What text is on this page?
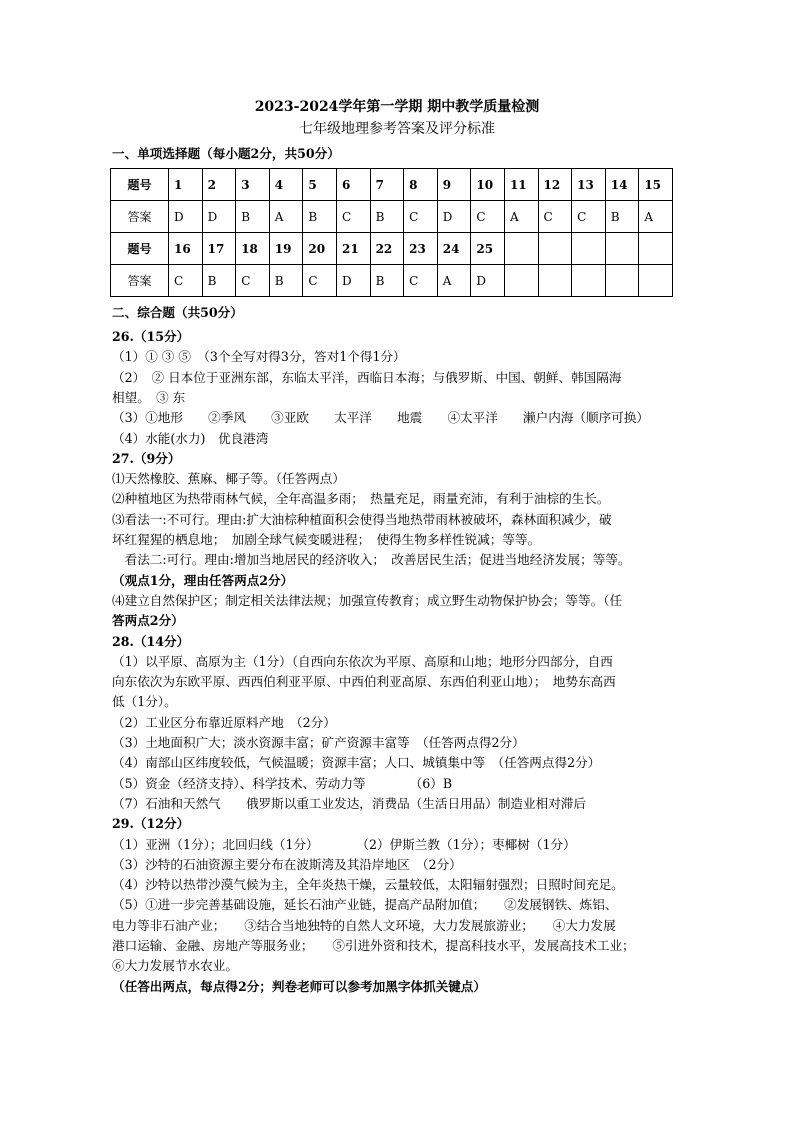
2023-2024学年第一学期 期中教学质量检测
七年级地理参考答案及评分标准
一、单项选择题（每小题2分，共50分）
题号	1	2	3	4	5	6	7	8	9	10	11	12	13	14	15
答案	D	D	B	A	B	C	B	C	D	C	A	C	C	B	A
题号	16	17	18	19	20	21	22	23	24	25					
答案	C	B	C	B	C	D	B	C	A	D					
二、综合题（共50分）
26.（15分）
（1）① ③ ⑤　（3个全写对得3分，答对1个得1分）
（2）　② 日本位于亚洲东部，东临太平洋，西临日本海；与俄罗斯、中国、朝鲜、韩国隔海
相望。　③ 东
（3）①地形　　②季风　　③亚欧　　太平洋　　地震　　④太平洋　　濑户内海（顺序可换）
（4）水能(水力)　优良港湾
27.（9分）
⑴天然橡胶、蕉麻、椰子等。（任答两点）
⑵种植地区为热带雨林气候，全年高温多雨；　热量充足，雨量充沛，有利于油棕的生长。
⑶看法一:不可行。理由:扩大油棕种植面积会使得当地热带雨林被破坏，森林面积减少，破
坏红猩猩的栖息地；　加剧全球气候变暖进程；　使得生物多样性锐减；等等。
　看法二:可行。理由:增加当地居民的经济收入；　改善居民生活；促进当地经济发展；等等。
（观点1分，理由任答两点2分）
⑷建立自然保护区；制定相关法律法规；加强宣传教育；成立野生动物保护协会；等等。（任
答两点2分）
28.（14分）
（1）以平原、高原为主（1分）（自西向东依次为平原、高原和山地；地形分四部分，自西
向东依次为东欧平原、西西伯利亚平原、中西伯利亚高原、东西伯利亚山地）；　地势东高西
低（1分）。
（2）工业区分布靠近原料产地　（2分）
（3）土地面积广大；淡水资源丰富；矿产资源丰富等　（任答两点得2分）
（4）南部山区纬度较低，气候温暖；资源丰富；人口、城镇集中等　（任答两点得2分）
（5）资金（经济支持）、科学技术、劳动力等　　　　（6）B
（7）石油和天然气　　俄罗斯以重工业发达，消费品（生活日用品）制造业相对滞后
29.（12分）
（1）亚洲（1分）；北回归线（1分）　　　　（2）伊斯兰教（1分）；枣椰树（1分）
（3）沙特的石油资源主要分布在波斯湾及其沿岸地区　（2分）
（4）沙特以热带沙漠气候为主，全年炎热干燥，云量较低，太阳辐射强烈；日照时间充足。
（5）①进一步完善基础设施，延长石油产业链，提高产品附加值；　　②发展钢铁、炼铝、
电力等非石油产业；　　③结合当地独特的自然人文环境，大力发展旅游业；　　④大力发展
港口运输、金融、房地产等服务业；　　⑤引进外资和技术，提高科技水平，发展高技术工业；
⑥大力发展节水农业。
（任答出两点，每点得2分；判卷老师可以参考加黑字体抓关键点）
